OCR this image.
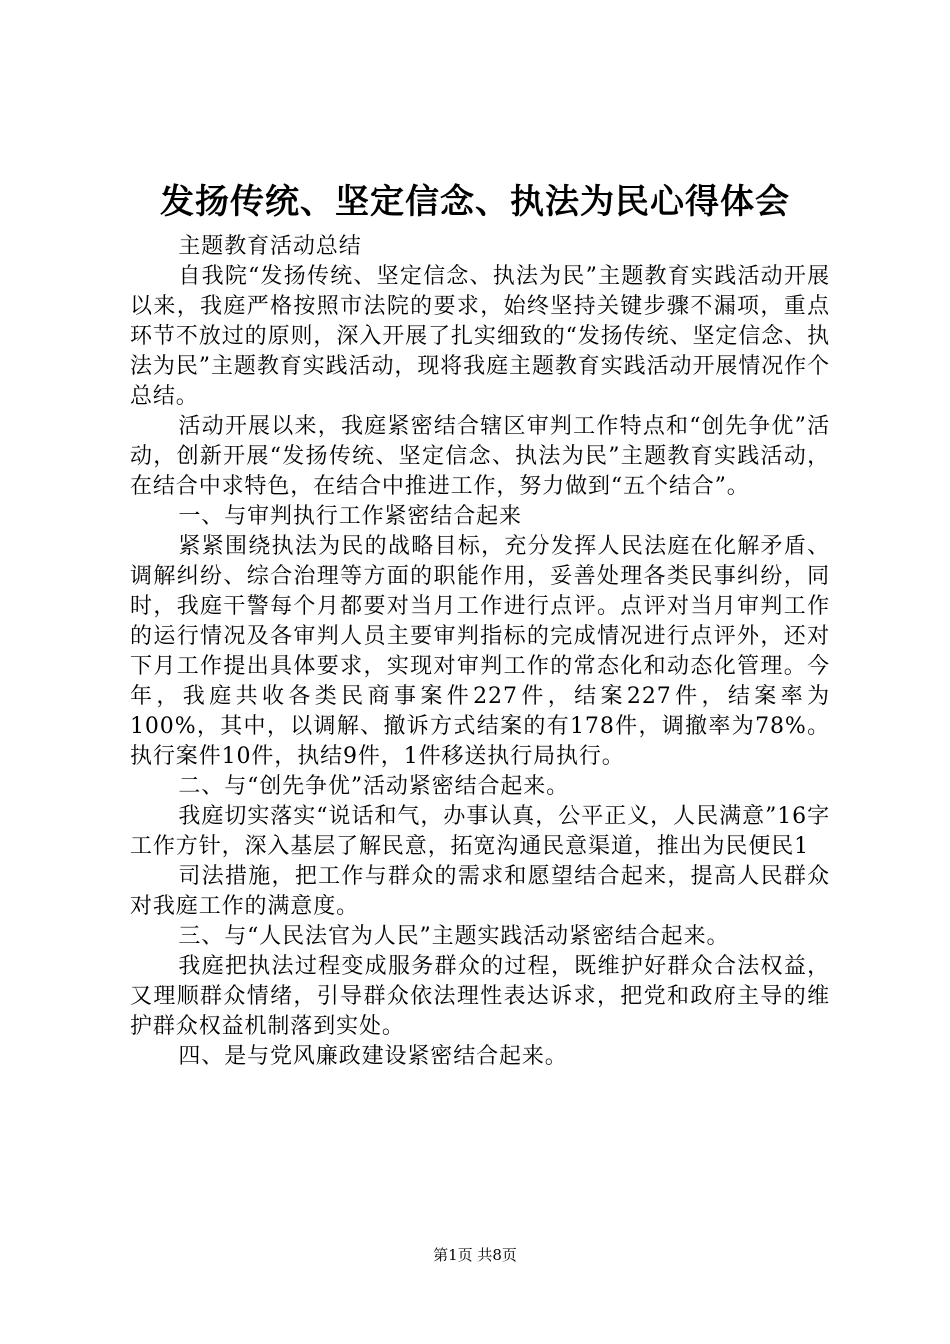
发扬传统、坚定信念、执法为民心得体会

主题教育活动总结

自我院“发扬传统、坚定信念、执法为民”主题教育实践活动开展以来，我庭严格按照市法院的要求，始终坚持关键步骤不漏项，重点环节不放过的原则，深入开展了扎实细致的“发扬传统、坚定信念、执法为民”主题教育实践活动，现将我庭主题教育实践活动开展情况作个总结。

活动开展以来，我庭紧密结合辖区审判工作特点和“创先争优”活动，创新开展“发扬传统、坚定信念、执法为民”主题教育实践活动，在结合中求特色，在结合中推进工作，努力做到“五个结合”。

一、与审判执行工作紧密结合起来

紧紧围绕执法为民的战略目标，充分发挥人民法庭在化解矛盾、调解纠纷、综合治理等方面的职能作用，妥善处理各类民事纠纷，同时，我庭干警每个月都要对当月工作进行点评。点评对当月审判工作的运行情况及各审判人员主要审判指标的完成情况进行点评外，还对下月工作提出具体要求，实现对审判工作的常态化和动态化管理。今年，我庭共收各类民商事案件227件，结案227件，结案率为100%，其中，以调解、撤诉方式结案的有178件，调撤率为78%。执行案件10件，执结9件，1件移送执行局执行。

二、与“创先争优”活动紧密结合起来。

我庭切实落实“说话和气，办事认真，公平正义，人民满意”16字工作方针，深入基层了解民意，拓宽沟通民意渠道，推出为民便民1

司法措施，把工作与群众的需求和愿望结合起来，提高人民群众对我庭工作的满意度。

三、与“人民法官为人民”主题实践活动紧密结合起来。

我庭把执法过程变成服务群众的过程，既维护好群众合法权益，又理顺群众情绪，引导群众依法理性表达诉求，把党和政府主导的维护群众权益机制落到实处。

四、是与党风廉政建设紧密结合起来。

第1页 共8页
